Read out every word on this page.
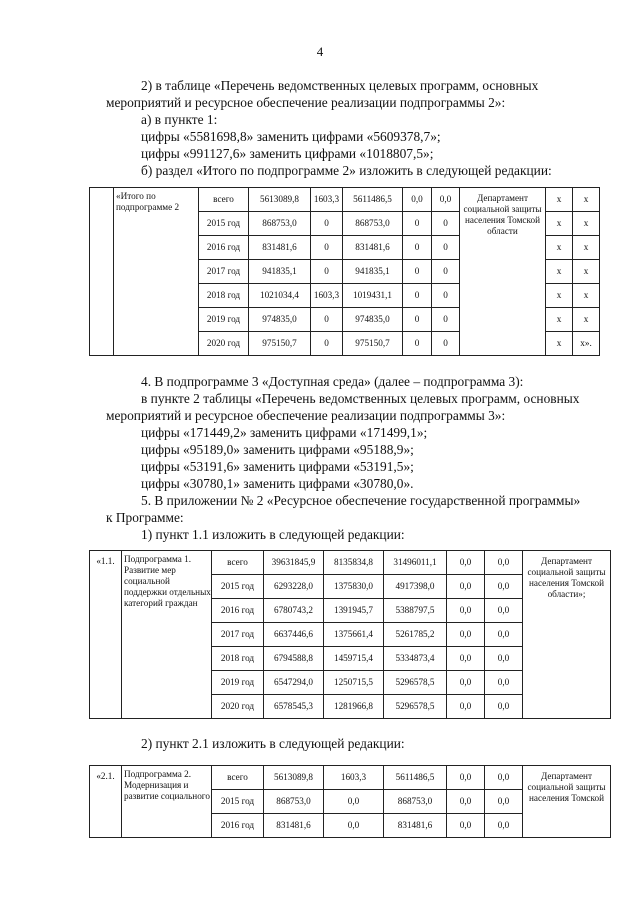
4
2) в таблице «Перечень ведомственных целевых программ, основных
мероприятий и ресурсное обеспечение реализации подпрограммы 2»:
а) в пункте 1:
цифры «5581698,8» заменить цифрами «5609378,7»;
цифры «991127,6» заменить цифрами «1018807,5»;
б) раздел «Итого по подпрограмме 2» изложить в следующей редакции:
	«Итого по подпрограмме 2	всего	5613089,8	1603,3	5611486,5	0,0	0,0	Департамент социальной защиты населения Томской области	х	х
		2015 год	868753,0	0	868753,0	0	0		х	х
		2016 год	831481,6	0	831481,6	0	0		х	х
		2017 год	941835,1	0	941835,1	0	0		х	х
		2018 год	1021034,4	1603,3	1019431,1	0	0		х	х
		2019 год	974835,0	0	974835,0	0	0		х	х
		2020 год	975150,7	0	975150,7	0	0		х	х».
4. В подпрограмме 3 «Доступная среда» (далее – подпрограмма 3):
в пункте 2 таблицы «Перечень ведомственных целевых программ, основных
мероприятий и ресурсное обеспечение реализации подпрограммы 3»:
цифры «171449,2» заменить цифрами «171499,1»;
цифры «95189,0» заменить цифрами «95188,9»;
цифры «53191,6» заменить цифрами «53191,5»;
цифры «30780,1» заменить цифрами «30780,0».
5. В приложении № 2 «Ресурсное обеспечение государственной программы»
к Программе:
1) пункт 1.1 изложить в следующей редакции:
«1.1.	Подпрограмма 1. Развитие мер социальной поддержки отдельных категорий граждан	всего	39631845,9	8135834,8	31496011,1	0,0	0,0	Департамент социальной защиты населения Томской области»;
		2015 год	6293228,0	1375830,0	4917398,0	0,0	0,0	
		2016 год	6780743,2	1391945,7	5388797,5	0,0	0,0	
		2017 год	6637446,6	1375661,4	5261785,2	0,0	0,0	
		2018 год	6794588,8	1459715,4	5334873,4	0,0	0,0	
		2019 год	6547294,0	1250715,5	5296578,5	0,0	0,0	
		2020 год	6578545,3	1281966,8	5296578,5	0,0	0,0	
2) пункт 2.1 изложить в следующей редакции:
«2.1.	Подпрограмма 2. Модернизация и развитие социального	всего	5613089,8	1603,3	5611486,5	0,0	0,0	Департамент социальной защиты населения Томской
		2015 год	868753,0	0,0	868753,0	0,0	0,0	
		2016 год	831481,6	0,0	831481,6	0,0	0,0	
